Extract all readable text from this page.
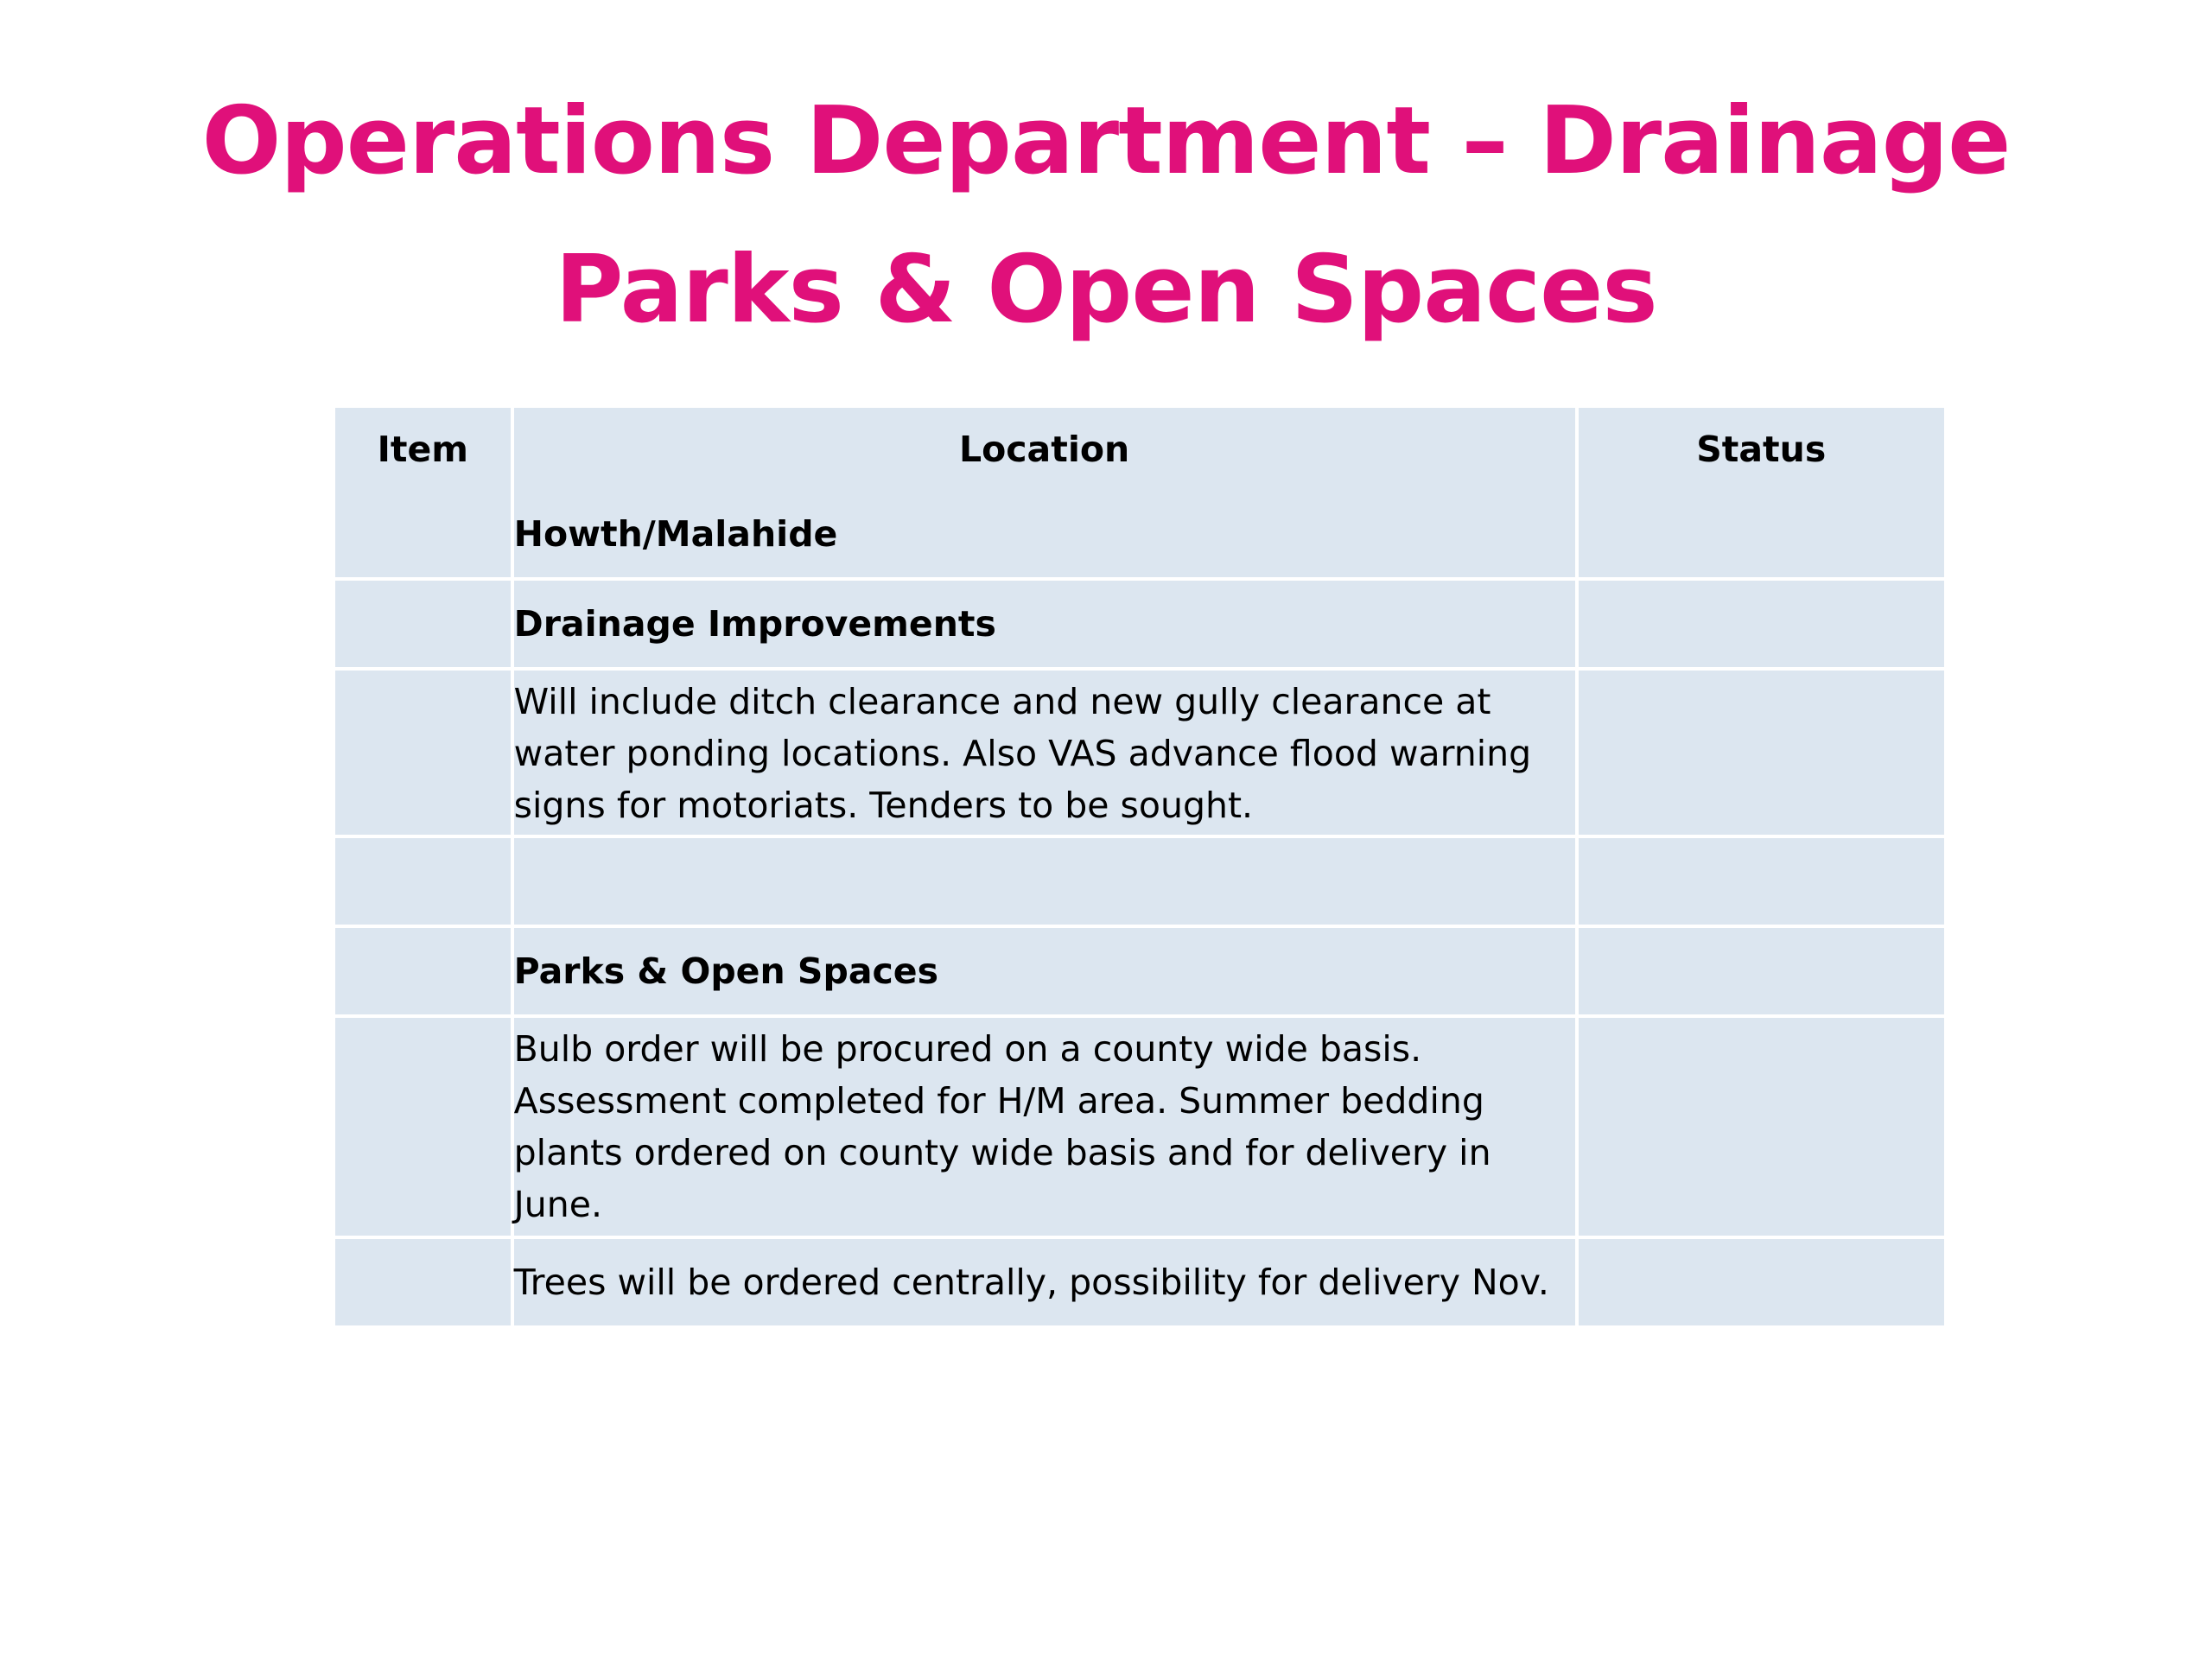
Operations Department – Drainage
Parks & Open Spaces
Item	Location	Status
	Howth/Malahide	
	Drainage Improvements	
	Will include ditch clearance and new gully clearance at water ponding locations. Also VAS advance flood warning signs for motoriats. Tenders to be sought.	

	Parks & Open Spaces	
	Bulb order will be procured on a county wide basis. Assessment completed for H/M area. Summer bedding plants ordered on county wide basis and for delivery in June.	
	Trees will be ordered centrally, possibility for delivery Nov.	
